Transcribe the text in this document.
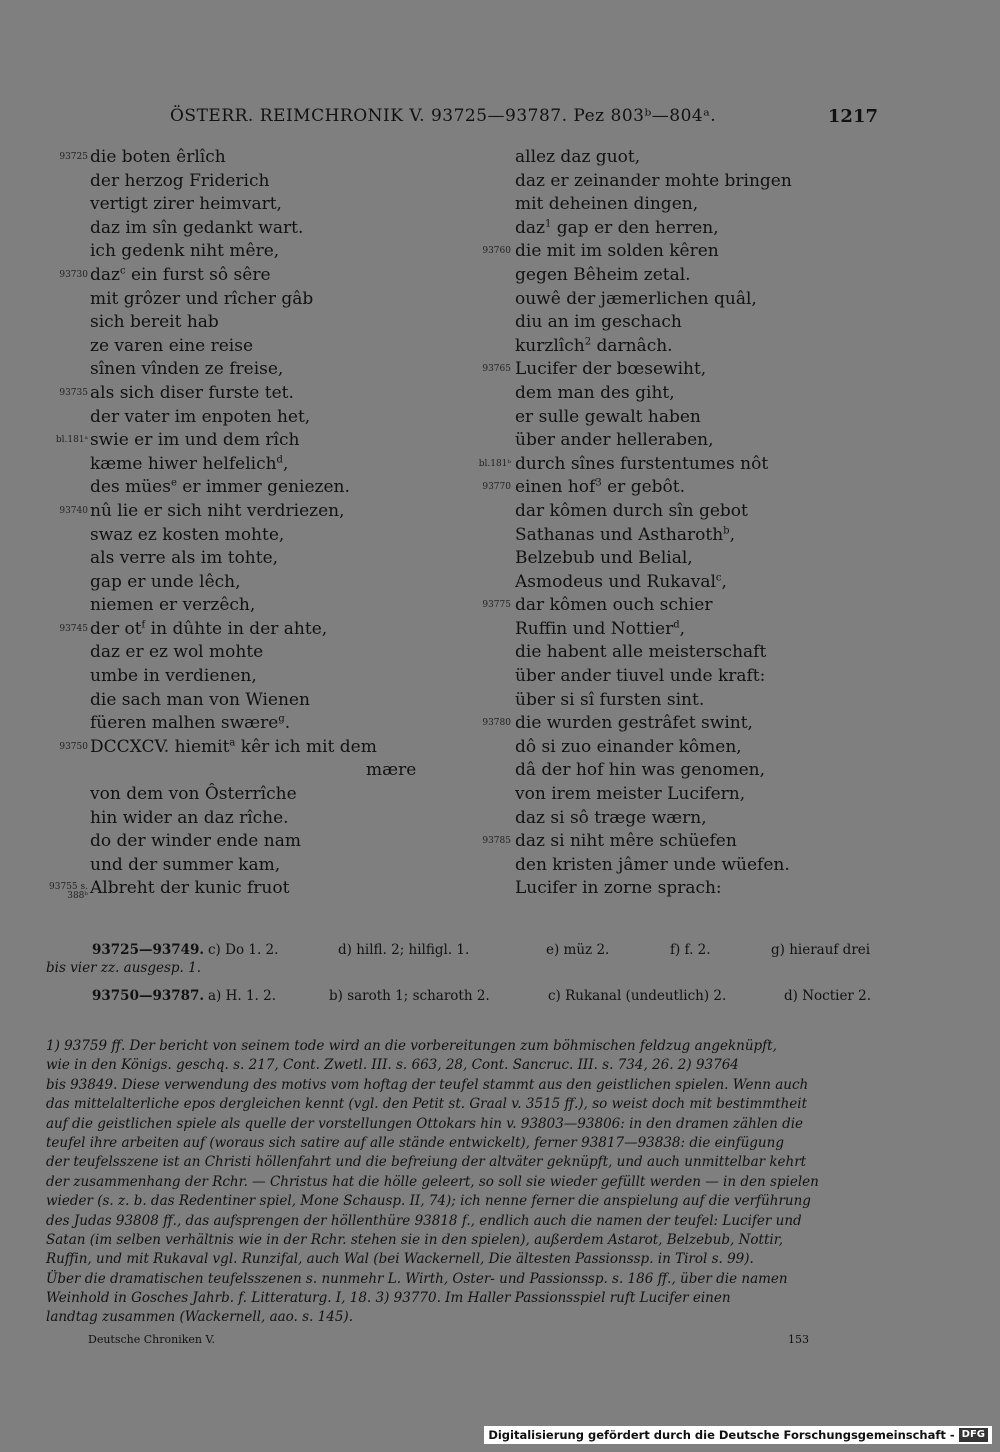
ÖSTERR. REIMCHRONIK V. 93725—93787. Pez 803ᵇ—804ᵃ.	1217
93725 die boten êrlîch
der herzog Friderich
vertigt zirer heimvart,
daz im sîn gedankt wart.
ich gedenk niht mêre,
93730 daz$^c$ ein furst sô sêre
mit grôzer und rîcher gâb
sich bereit hab
ze varen eine reise
sînen vînden ze freise,
93735 als sich diser furste tet.
der vater im enpoten het,
bl.181ᵃ swie er im und dem rîch
kæme hiwer helfelich$^d$,
des mües$^e$ er immer geniezen.
93740 nû lie er sich niht verdriezen,
swaz ez kosten mohte,
als verre als im tohte,
gap er unde lêch,
niemen er verzêch,
93745 der $ot^f$ in dûhte in der ahte,
daz er ez wol mohte
umbe in verdienen,
die sach man von Wienen
füeren malhen swære$^g$.
93750 DCCXCV. hiemit$^a$ kêr ich mit dem
mære
von dem von Ôsterrîche
hin wider an daz rîche.
do der winder ende nam
und der summer kam,
93755 s. 388ᵇ Albreht der kunic fruot
allez daz guot,
daz er zeinander mohte bringen
mit deheinen dingen,
daz$^1$ gap er den herren,
93760 die mit im solden kêren
gegen Bêheim zetal.
ouwê der jæmerlichen quâl,
diu an im geschach
kurzlîch$^2$ darnâch.
93765 Lucifer der bœsewiht,
dem man des giht,
er sulle gewalt haben
über ander helleraben,
bl.181ᵇ durch sînes furstentumes nôt
93770 einen hof$^3$ er gebôt.
dar kômen durch sîn gebot
Sathanas und Astharoth$^b$,
Belzebub und Belial,
Asmodeus und Rukaval$^c$,
93775 dar kômen ouch schier
Ruffin und Nottier$^d$,
die habent alle meisterschaft
über ander tiuvel unde kraft:
über si sî fursten sint.
93780 die wurden gestrâfet swint,
dô si zuo einander kômen,
dâ der hof hin was genomen,
von irem meister Lucifern,
daz si sô træge wærn,
93785 daz si niht mêre schüefen
den kristen jâmer unde wüefen.
Lucifer in zorne sprach:
93725—93749. c) Do 1. 2.	d) hilfl. 2; hilfigl. 1.	e) müz 2.	f) f. 2.	g) hierauf drei
bis vier zz. ausgesp. 1.
93750—93787. a) H. 1. 2.	b) saroth 1; scharoth 2.	c) Rukanal (undeutlich) 2.	d) Noctier 2.
1) 93759 ff. Der bericht von seinem tode wird an die vorbereitungen zum böhmischen feldzug angeknüpft,
wie in den Königs. geschq. s. 217, Cont. Zwetl. III. s. 663, 28, Cont. Sancruc. III. s. 734, 26. 2) 93764
bis 93849. Diese verwendung des motivs vom hoftag der teufel stammt aus den geistlichen spielen. Wenn auch
das mittelalterliche epos dergleichen kennt (vgl. den Petit st. Graal v. 3515 ff.), so weist doch mit bestimmtheit
auf die geistlichen spiele als quelle der vorstellungen Ottokars hin v. 93803—93806: in den dramen zählen die
teufel ihre arbeiten auf (woraus sich satire auf alle stände entwickelt), ferner 93817—93838: die einfügung
der teufelsszene ist an Christi höllenfahrt und die befreiung der altväter geknüpft, und auch unmittelbar kehrt
der zusammenhang der Rchr. — Christus hat die hölle geleert, so soll sie wieder gefüllt werden — in den spielen
wieder (s. z. b. das Redentiner spiel, Mone Schausp. II, 74); ich nenne ferner die anspielung auf die verführung
des Judas 93808 ff., das aufsprengen der höllenthüre 93818 f., endlich auch die namen der teufel: Lucifer und
Satan (im selben verhältnis wie in der Rchr. stehen sie in den spielen), außerdem Astarot, Belzebub, Nottir,
Ruffin, und mit Rukaval vgl. Runzifal, auch Wal (bei Wackernell, Die ältesten Passionssp. in Tirol s. 99).
Über die dramatischen teufelsszenen s. nunmehr L. Wirth, Oster- und Passionssp. s. 186 ff., über die namen
Weinhold in Gosches Jahrb. f. Litteraturg. I, 18. 3) 93770. Im Haller Passionsspiel ruft Lucifer einen
landtag zusammen (Wackernell, aao. s. 145).
Deutsche Chroniken V.	153
Digitalisierung gefördert durch die Deutsche Forschungsgemeinschaft - DFG
